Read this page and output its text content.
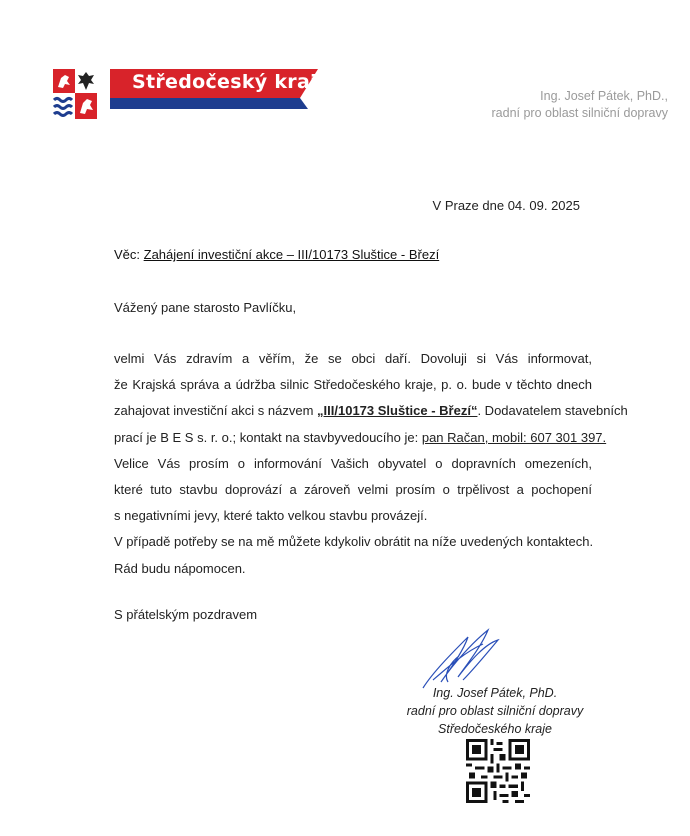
Středočeský kraj
Ing. Josef Pátek, PhD.,
radní pro oblast silniční dopravy
V Praze dne 04. 09. 2025
Věc: Zahájení investiční akce – III/10173 Sluštice - Březí
Vážený pane starosto Pavlíčku,
velmi Vás zdravím a věřím, že se obci daří. Dovoluji si Vás informovat,
že Krajská správa a údržba silnic Středočeského kraje, p. o. bude v těchto dnech
zahajovat investiční akci s názvem „III/10173 Sluštice - Březí“. Dodavatelem stavebních
prací je B E S s. r. o.; kontakt na stavbyvedoucího je: pan Račan, mobil: 607 301 397.
Velice Vás prosím o informování Vašich obyvatel o dopravních omezeních,
které tuto stavbu doprovází a zároveň velmi prosím o trpělivost a pochopení
s negativními jevy, které takto velkou stavbu provázejí.
V případě potřeby se na mě můžete kdykoliv obrátit na níže uvedených kontaktech.
Rád budu nápomocen.
S přátelským pozdravem
Ing. Josef Pátek, PhD.
radní pro oblast silniční dopravy
Středočeského kraje
